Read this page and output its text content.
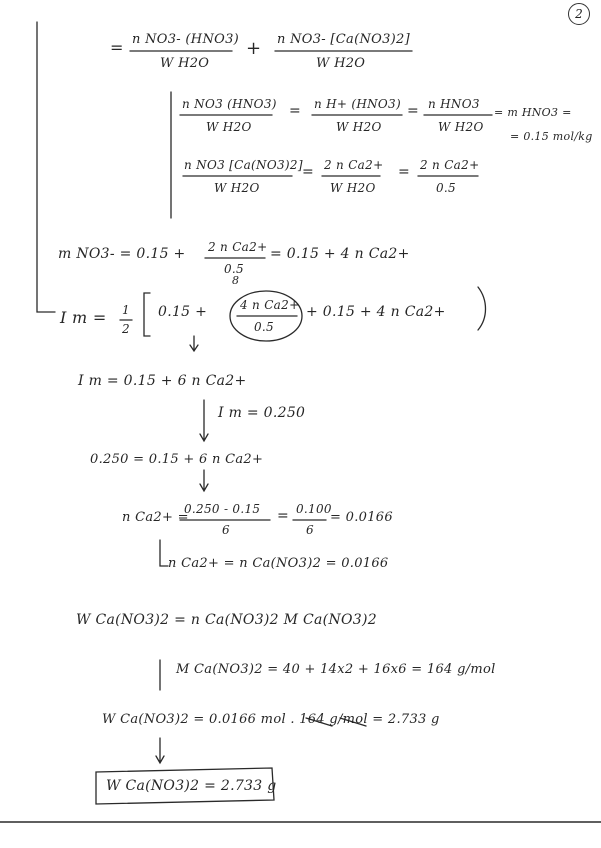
2
= n NO3- (HNO3)
W H2O
+ n NO3- [Ca(NO3)2]
W H2O
n NO3 (HNO3)
W H2O
= n H+ (HNO3)
W H2O
= n HNO3
W H2O
= m HNO3 =
= 0.15 mol/kg
n NO3 [Ca(NO3)2]
W H2O
= 2 n Ca2+
W H2O
= 2 n Ca2+
0.5
m NO3- = 0.15 + 2 n Ca2+
0.5
= 0.15 + 4 n Ca2+
I m = 1
2
0.15 +	4 n Ca2+
0.5
+ 0.15 + 4 n Ca2+
8
I m = 0.15 + 6 n Ca2+
I m = 0.250
0.250 = 0.15 + 6 n Ca2+
n Ca2+ =
0.250 - 0.15
6
= 0.100
6
= 0.0166
n Ca2+ = n Ca(NO3)2 = 0.0166
W Ca(NO3)2 = n Ca(NO3)2 M Ca(NO3)2
M Ca(NO3)2 = 40 + 14x2 + 16x6 = 164 g/mol
W Ca(NO3)2 = 0.0166 mol . 164 g/mol = 2.733 g
W Ca(NO3)2 = 2.733 g
